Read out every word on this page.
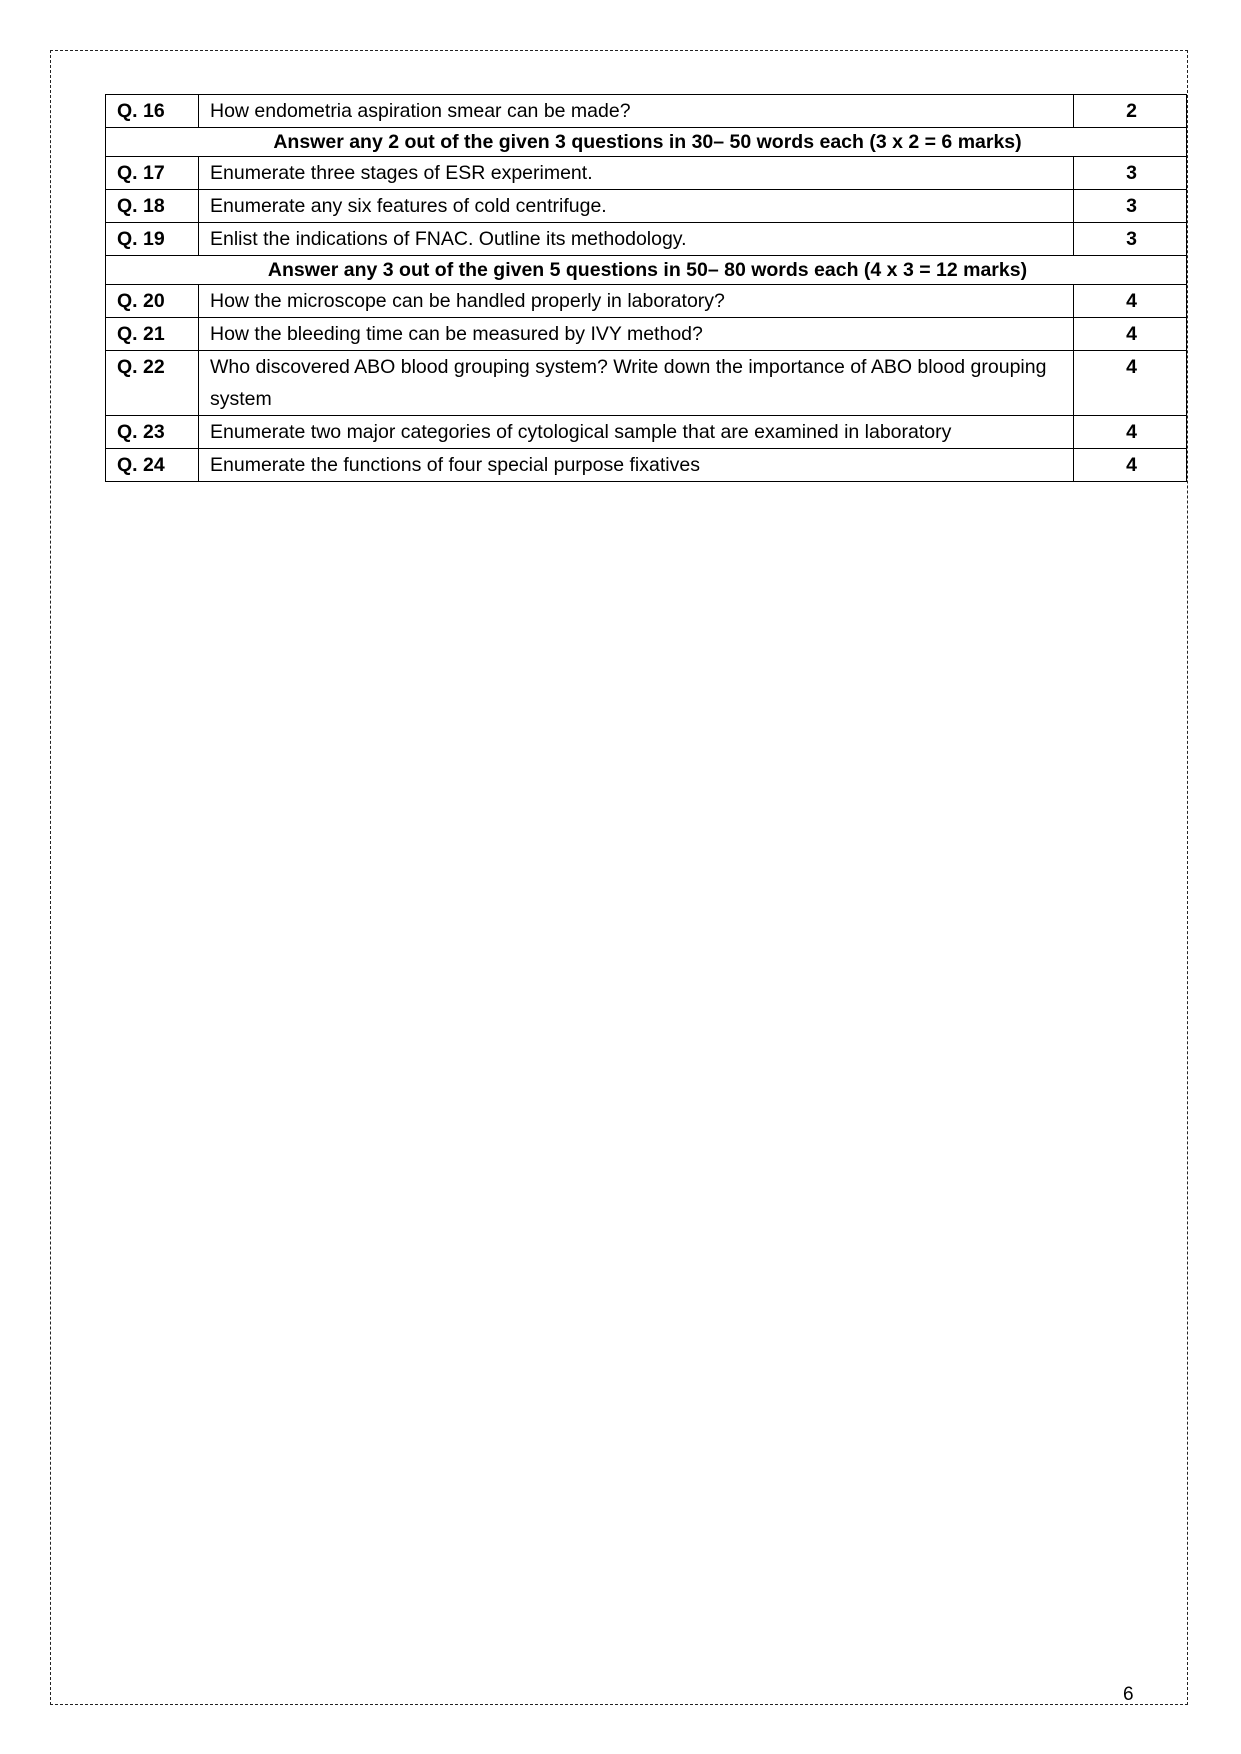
Q. 16	How endometria aspiration smear can be made?	2
Answer any 2 out of the given 3 questions in 30– 50 words each (3 x 2 = 6 marks)		
Q. 17	Enumerate three stages of ESR experiment.	3
Q. 18	Enumerate any six features of cold centrifuge.	3
Q. 19	Enlist the indications of FNAC. Outline its methodology.	3
Answer any 3 out of the given 5 questions in 50– 80 words each (4 x 3 = 12 marks)		
Q. 20	How the microscope can be handled properly in laboratory?	4
Q. 21	How the bleeding time can be measured by IVY method?	4
Q. 22	Who discovered ABO blood grouping system? Write down the importance of ABO blood grouping system	4
Q. 23	Enumerate two major categories of cytological sample that are examined in laboratory	4
Q. 24	Enumerate the functions of four special purpose fixatives	4
6
